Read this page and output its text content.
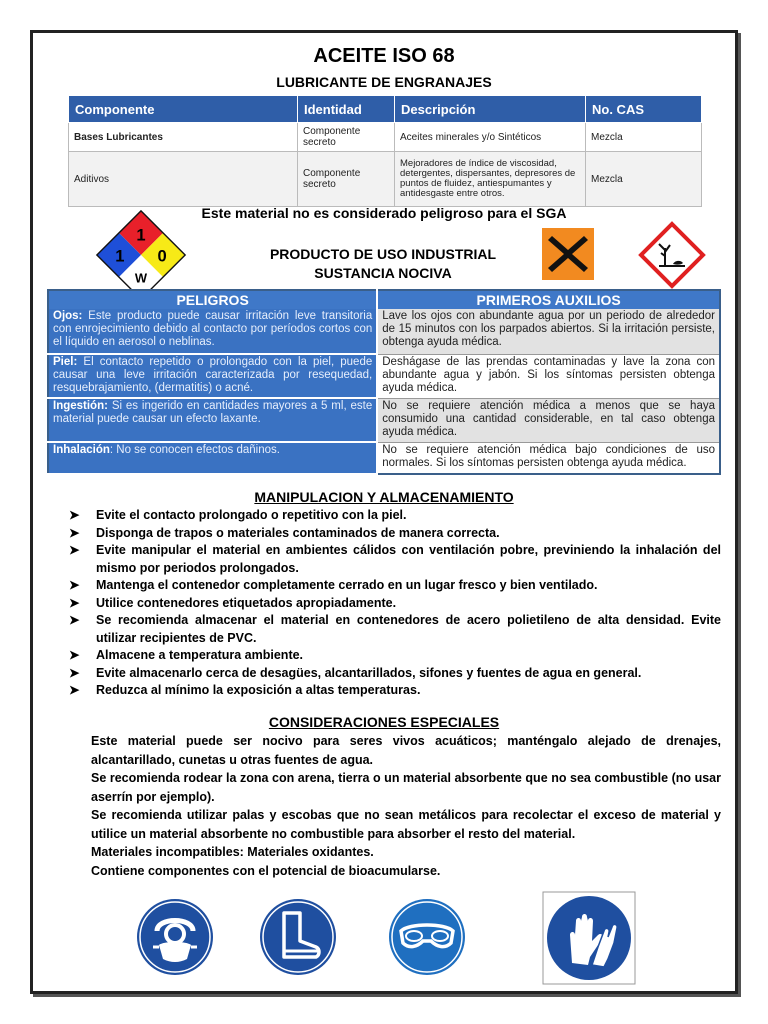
ACEITE ISO 68
LUBRICANTE DE ENGRANAJES
Componente	Identidad	Descripción	No. CAS
Bases Lubricantes	Componente secreto	Aceites minerales y/o Sintéticos	Mezcla
Aditivos	Componente secreto	Mejoradores de índice de viscosidad, detergentes, dispersantes, depresores de puntos de fluidez, antiespumantes y antidesgaste entre otros.	Mezcla
Este material no es considerado peligroso para el SGA
1
1 0
W
PRODUCTO DE USO INDUSTRIAL
SUSTANCIA NOCIVA
PELIGROS	PRIMEROS AUXILIOS
Ojos: Este producto puede causar irritación leve transitoria con enrojecimiento debido al contacto por períodos cortos con el líquido en aerosol o neblinas.	Lave los ojos con abundante agua por un periodo de alrededor de 15 minutos con los parpados abiertos. Si la irritación persiste, obtenga ayuda médica.
Piel: El contacto repetido o prolongado con la piel, puede causar una leve irritación caracterizada por resequedad, resquebrajamiento, (dermatitis) o acné.	Deshágase de las prendas contaminadas y lave la zona con abundante agua y jabón. Si los síntomas persisten obtenga ayuda médica.
Ingestión: Si es ingerido en cantidades mayores a 5 ml, este material puede causar un efecto laxante.	No se requiere atención médica a menos que se haya consumido una cantidad considerable, en tal caso obtenga ayuda médica.
Inhalación: No se conocen efectos dañinos.	No se requiere atención médica bajo condiciones de uso normales. Si los síntomas persisten obtenga ayuda médica.
MANIPULACION Y ALMACENAMIENTO
➤ Evite el contacto prolongado o repetitivo con la piel.
➤ Disponga de trapos o materiales contaminados de manera correcta.
➤ Evite manipular el material en ambientes cálidos con ventilación pobre, previniendo la inhalación del mismo por periodos prolongados.
➤ Mantenga el contenedor completamente cerrado en un lugar fresco y bien ventilado.
➤ Utilice contenedores etiquetados apropiadamente.
➤ Se recomienda almacenar el material en contenedores de acero polietileno de alta densidad. Evite utilizar recipientes de PVC.
➤ Almacene a temperatura ambiente.
➤ Evite almacenarlo cerca de desagües, alcantarillados, sifones y fuentes de agua en general.
➤ Reduzca al mínimo la exposición a altas temperaturas.
CONSIDERACIONES ESPECIALES

Este material puede ser nocivo para seres vivos acuáticos; manténgalo alejado de drenajes, alcantarillado, cunetas u otras fuentes de agua.

Se recomienda rodear la zona con arena, tierra o un material absorbente que no sea combustible (no usar aserrín por ejemplo).

Se recomienda utilizar palas y escobas que no sean metálicos para recolectar el exceso de material y utilice un material absorbente no combustible para absorber el resto del material.

Materiales incompatibles: Materiales oxidantes.

Contiene componentes con el potencial de bioacumularse.
